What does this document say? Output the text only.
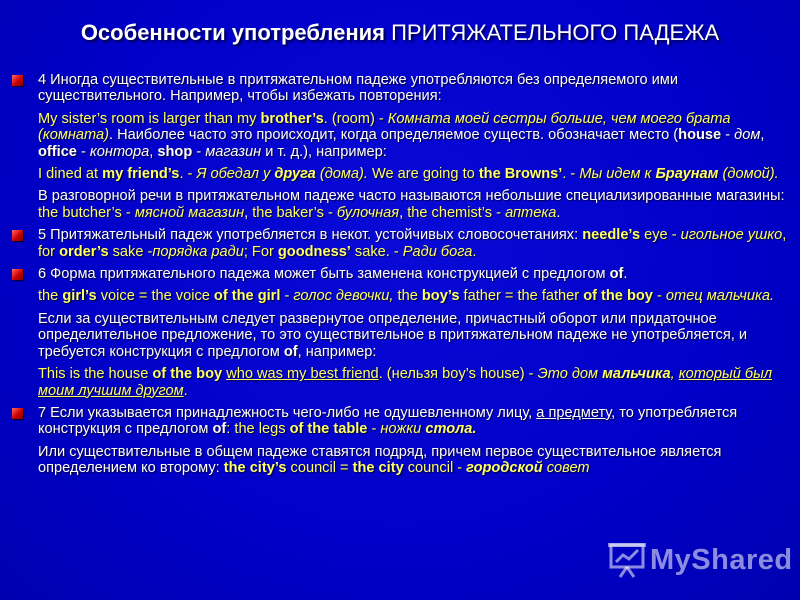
Особенности употребления ПРИТЯЖАТЕЛЬНОГО ПАДЕЖА
4 Иногда существительные в притяжательном падеже употребляются без определяемого ими существительного. Например, чтобы избежать повторения:
My sister’s room is larger than my brother’s. (room) - Комната моей сестры больше, чем моего брата (комната). Наиболее часто это происходит, когда определяемое существ. обозначает место (house - дом, office - контора, shop - магазин и т. д.), например:
I dined at my friend’s. - Я обедал у друга (дома). We are going to the Browns’. - Мы идем к Браунам (домой).
В разговорной речи в притяжательном падеже часто называются небольшие специализированные магазины: the butcher’s - мясной магазин, the baker’s - булочная, the chemist’s - аптека.
5 Притяжательный падеж употребляется в некот. устойчивых словосочетаниях: needle’s eye - игольное ушко, for order’s sake -порядка ради; For goodness’ sake. - Ради бога.
6 Форма притяжательного падежа может быть заменена конструкцией с предлогом of.
the girl’s voice = the voice of the girl - голос девочки, the boy’s father = the father of the boy - отец мальчика.
Если за существительным следует развернутое определение, причастный оборот или придаточное определительное предложение, то это существительное в притяжательном падеже не употребляется, и требуется конструкция с предлогом of, например:
This is the house of the boy who was my best friend. (нельзя boy’s house) - Это дом мальчика, который был моим лучшим другом.
7 Если указывается принадлежность чего-либо не одушевленному лицу, а предмету, то употребляется конструкция с предлогом of: the legs of the table - ножки стола.
Или существительные в общем падеже ставятся подряд, причем первое существительное является определением ко второму: the city’s council = the city council - городской совет
MyShared
